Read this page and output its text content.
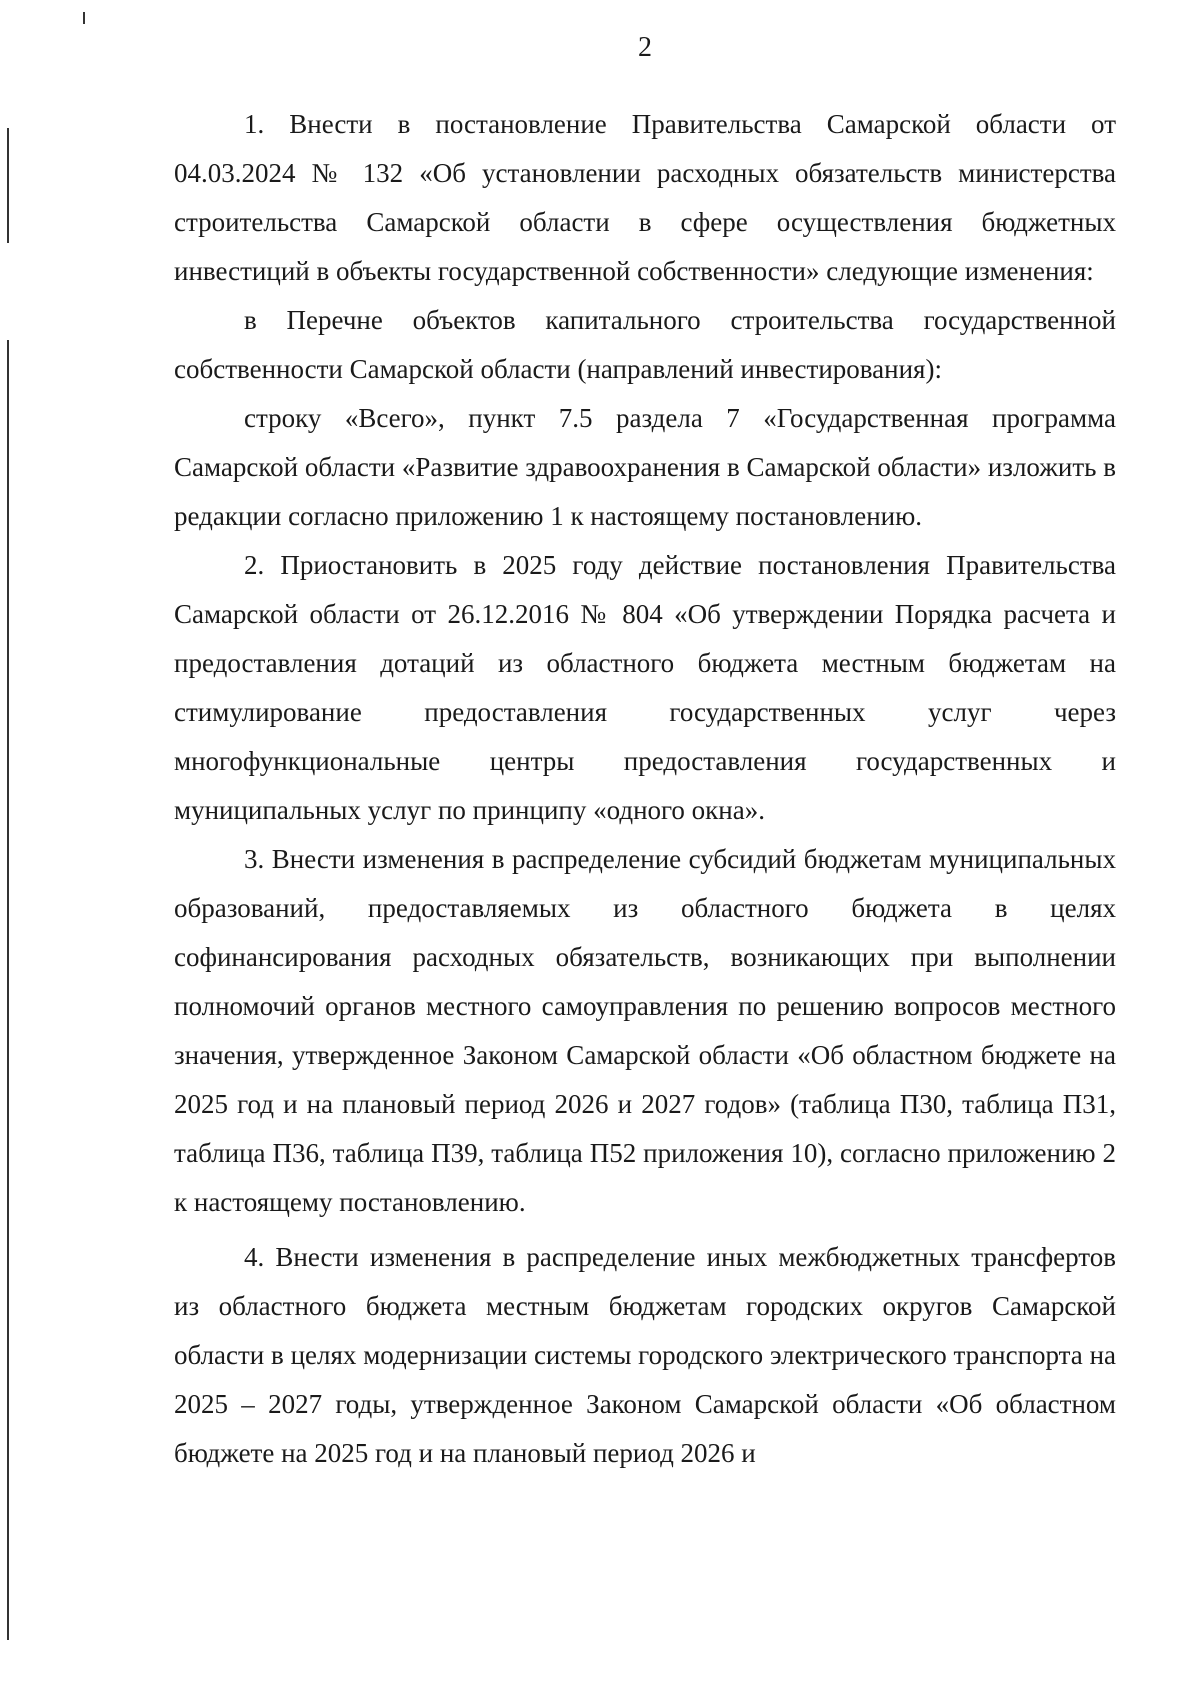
2

1. Внести в постановление Правительства Самарской области от 04.03.2024 № 132 «Об установлении расходных обязательств министерства строительства Самарской области в сфере осуществления бюджетных инвестиций в объекты государственной собственности» следующие изменения:

в Перечне объектов капитального строительства государственной собственности Самарской области (направлений инвестирования):

строку «Всего», пункт 7.5 раздела 7 «Государственная программа Самарской области «Развитие здравоохранения в Самарской области» изложить в редакции согласно приложению 1 к настоящему постановлению.

2. Приостановить в 2025 году действие постановления Правительства Самарской области от 26.12.2016 № 804 «Об утверждении Порядка расчета и предоставления дотаций из областного бюджета местным бюджетам на стимулирование предоставления государственных услуг через многофункциональные центры предоставления государственных и муниципальных услуг по принципу «одного окна».

3. Внести изменения в распределение субсидий бюджетам муниципальных образований, предоставляемых из областного бюджета в целях софинансирования расходных обязательств, возникающих при выполнении полномочий органов местного самоуправления по решению вопросов местного значения, утвержденное Законом Самарской области «Об областном бюджете на 2025 год и на плановый период 2026 и 2027 годов» (таблица П30, таблица П31, таблица П36, таблица П39, таблица П52 приложения 10), согласно приложению 2 к настоящему постановлению.

4. Внести изменения в распределение иных межбюджетных трансфертов из областного бюджета местным бюджетам городских округов Самарской области в целях модернизации системы городского электрического транспорта на 2025 – 2027 годы, утвержденное Законом Самарской области «Об областном бюджете на 2025 год и на плановый период 2026 и
